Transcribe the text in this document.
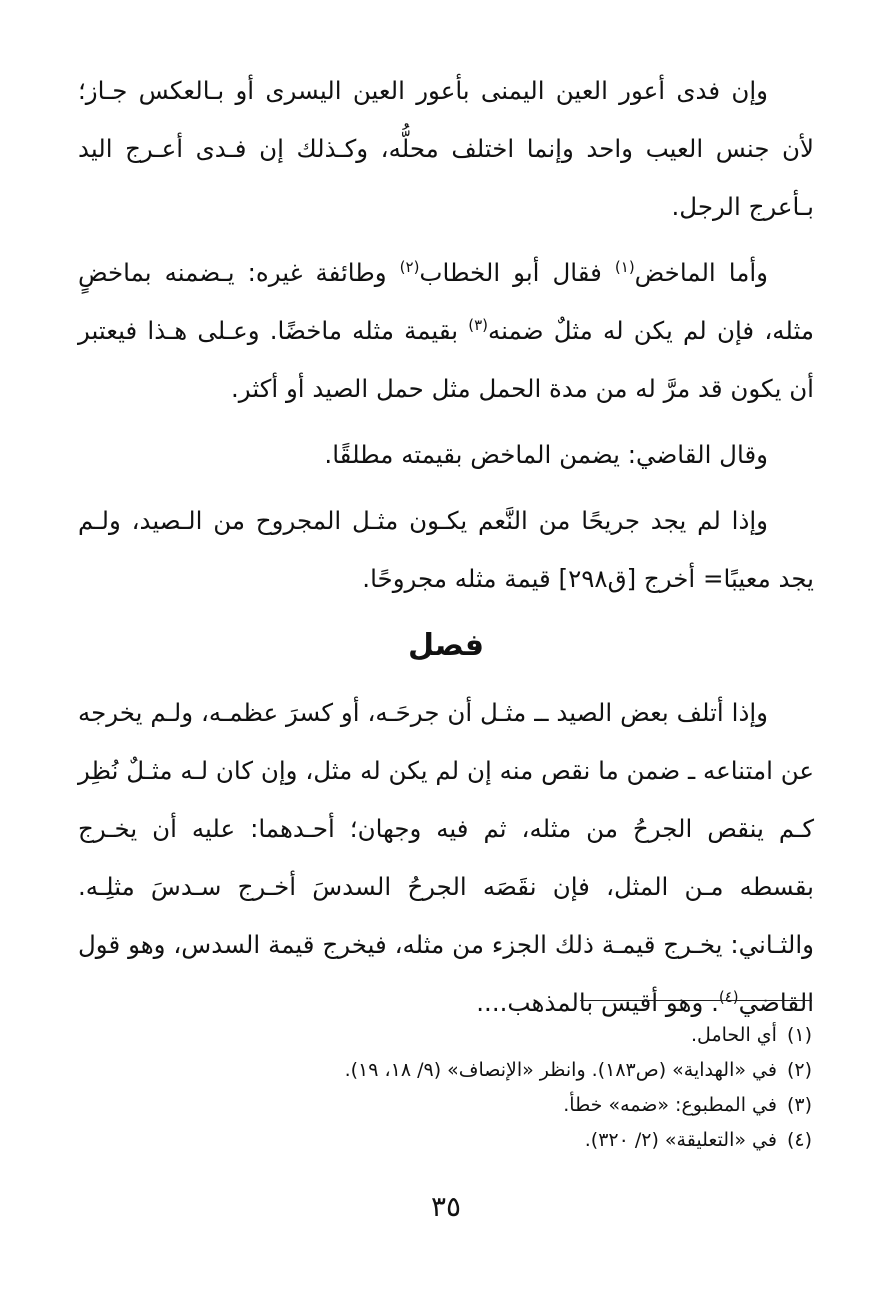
وإن فدى أعور العين اليمنى بأعور العين اليسرى أو بـالعكس جـاز؛ لأن جنس العيب واحد وإنما اختلف محلُّه، وكـذلك إن فـدى أعـرج اليد بـأعرج الرجل.

وأما الماخض$^{(١)}$ فقال أبو الخطاب$^{(٢)}$ وطائفة غيره: يـضمنه بماخضٍ مثله، فإن لم يكن له مثلٌ ضمنه$^{(٣)}$ بقيمة مثله ماخضًا. وعـلى هـذا فيعتبر أن يكون قد مرَّ له من مدة الحمل مثل حمل الصيد أو أكثر.

وقال القاضي: يضمن الماخض بقيمته مطلقًا.

وإذا لم يجد جريحًا من النَّعم يكـون مثـل المجروح من الـصيد، ولـم يجد معيبًا= أخرج [ق٢٩٨] قيمة مثله مجروحًا.

فصل

وإذا أتلف بعض الصيد ــ مثـل أن جرحَـه، أو كسرَ عظمـه، ولـم يخرجه عن امتناعه ـ ضمن ما نقص منه إن لم يكن له مثل، وإن كان لـه مثـلٌ نُظِر كـم ينقص الجرحُ من مثله، ثم فيه وجهان؛ أحـدهما: عليه أن يخـرج بقسطه مـن المثل، فإن نقَصَه الجرحُ السدسَ أخـرج سـدسَ مثلِـه. والثـاني: يخـرج قيمـة ذلك الجزء من مثله، فيخرج قيمة السدس، وهو قول القاضي$^{(٤)}$. وهو أقيس بالمذهب....

(١)أي الحامل.
(٢)في «الهداية» (ص١٨٣). وانظر «الإنصاف» (٩/ ١٨، ١٩).
(٣)في المطبوع: «ضمه» خطأ.
(٤)في «التعليقة» (٢/ ٣٢٠).
٣٥
